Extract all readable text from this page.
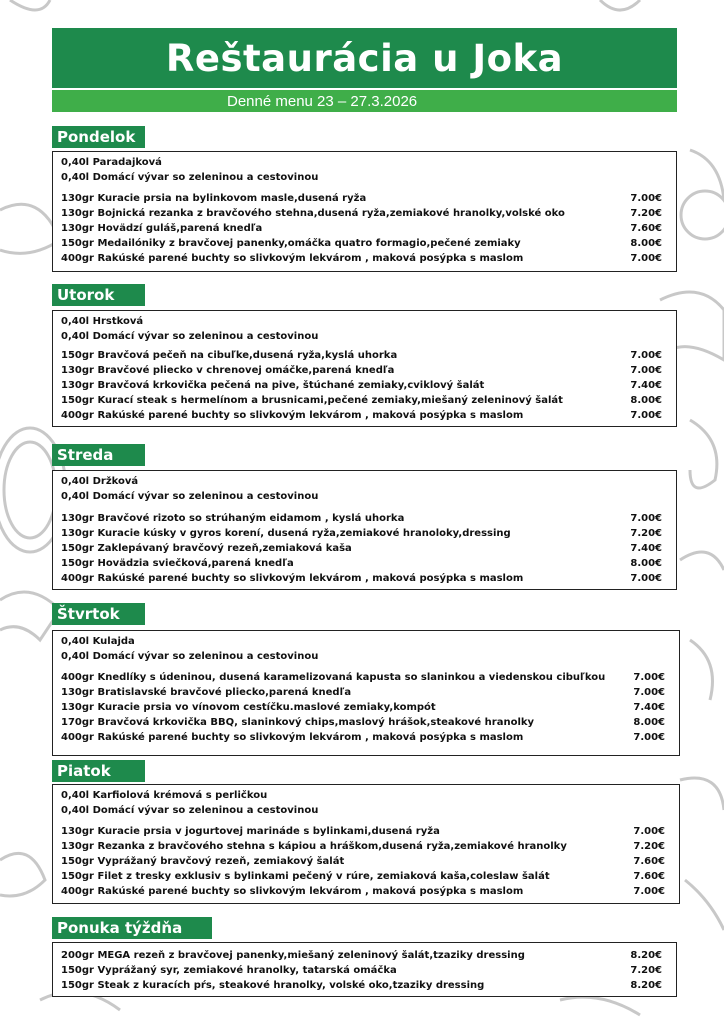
Reštaurácia u Joka
Denné menu 23 – 27.3.2026
Pondelok
0,40l Paradajková
0,40l Domácí vývar so zeleninou a cestovinou
130gr Kuracie prsia na bylinkovom masle,dusená ryža	7.00€
130gr Bojnická rezanka z bravčového stehna,dusená ryža,zemiakové hranolky,volské oko	7.20€
130gr Hovädzí guláš,parená knedľa	7.60€
150gr Medailóniky z bravčovej panenky,omáčka quatro formagio,pečené zemiaky	8.00€
400gr Rakúské parené buchty so slivkovým lekvárom , maková posýpka s maslom	7.00€
Utorok
0,40l Hrstková
0,40l Domácí vývar so zeleninou a cestovinou
150gr Bravčová pečeň na cibuľke,dusená ryža,kyslá uhorka	7.00€
130gr Bravčové pliecko v chrenovej omáčke,parená knedľa	7.00€
130gr Bravčová krkovička pečená na pive, štúchané zemiaky,cviklový šalát	7.40€
150gr Kurací steak s hermelínom a brusnicami,pečené zemiaky,miešaný zeleninový šalát	8.00€
400gr Rakúské parené buchty so slivkovým lekvárom , maková posýpka s maslom	7.00€
Streda
0,40l Držková
0,40l Domácí vývar so zeleninou a cestovinou
130gr Bravčové rizoto so strúhaným eidamom , kyslá uhorka	7.00€
130gr Kuracie kúsky v gyros korení, dusená ryža,zemiakové hranoloky,dressing	7.20€
150gr Zaklepávaný bravčový rezeň,zemiaková kaša	7.40€
150gr Hovädzia sviečková,parená knedľa	8.00€
400gr Rakúské parené buchty so slivkovým lekvárom , maková posýpka s maslom	7.00€
Štvrtok
0,40l Kulajda
0,40l Domácí vývar so zeleninou a cestovinou
400gr Knedlíky s údeninou, dusená karamelizovaná kapusta so slaninkou a viedenskou cibuľkou	7.00€
130gr Bratislavské bravčové pliecko,parená knedľa	7.00€
130gr Kuracie prsia vo vínovom cestíčku.maslové zemiaky,kompót	7.40€
170gr Bravčová krkovička BBQ, slaninkový chips,maslový hrášok,steakové hranolky	8.00€
400gr Rakúské parené buchty so slivkovým lekvárom , maková posýpka s maslom	7.00€
Piatok
0,40l Karfiolová krémová s perličkou
0,40l Domácí vývar so zeleninou a cestovinou
130gr Kuracie prsia v jogurtovej marináde s bylinkami,dusená ryža	7.00€
130gr Rezanka z bravčového stehna s kápiou a hráškom,dusená ryža,zemiakové hranolky	7.20€
150gr Vyprážaný bravčový rezeň, zemiakový šalát	7.60€
150gr Filet z tresky exklusiv s bylinkami pečený v rúre, zemiaková kaša,coleslaw šalát	7.60€
400gr Rakúské parené buchty so slivkovým lekvárom , maková posýpka s maslom	7.00€
Ponuka týždňa
200gr MEGA rezeň z bravčovej panenky,miešaný zeleninový šalát,tzaziky dressing	8.20€
150gr Vyprážaný syr, zemiakové hranolky, tatarská omáčka	7.20€
150gr Steak z kuracích pŕs, steakové hranolky, volské oko,tzaziky dressing	8.20€
